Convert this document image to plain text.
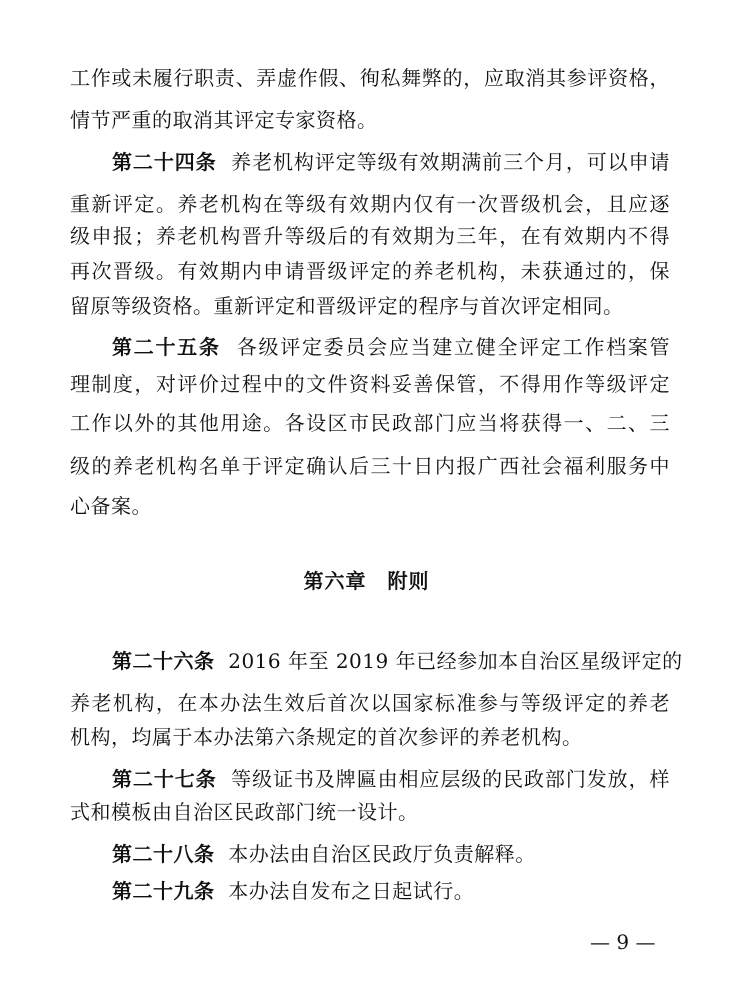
工作或未履行职责、弄虚作假、徇私舞弊的，应取消其参评资格，
情节严重的取消其评定专家资格。
第二十四条 养老机构评定等级有效期满前三个月，可以申请
重新评定。养老机构在等级有效期内仅有一次晋级机会，且应逐
级申报；养老机构晋升等级后的有效期为三年，在有效期内不得
再次晋级。有效期内申请晋级评定的养老机构，未获通过的，保
留原等级资格。重新评定和晋级评定的程序与首次评定相同。
第二十五条 各级评定委员会应当建立健全评定工作档案管
理制度，对评价过程中的文件资料妥善保管，不得用作等级评定
工作以外的其他用途。各设区市民政部门应当将获得一、二、三
级的养老机构名单于评定确认后三十日内报广西社会福利服务中
心备案。
第六章　附则
第二十六条 2016 年至 2019 年已经参加本自治区星级评定的
养老机构，在本办法生效后首次以国家标准参与等级评定的养老
机构，均属于本办法第六条规定的首次参评的养老机构。
第二十七条 等级证书及牌匾由相应层级的民政部门发放，样
式和模板由自治区民政部门统一设计。
第二十八条 本办法由自治区民政厅负责解释。
第二十九条 本办法自发布之日起试行。
— 9 —
